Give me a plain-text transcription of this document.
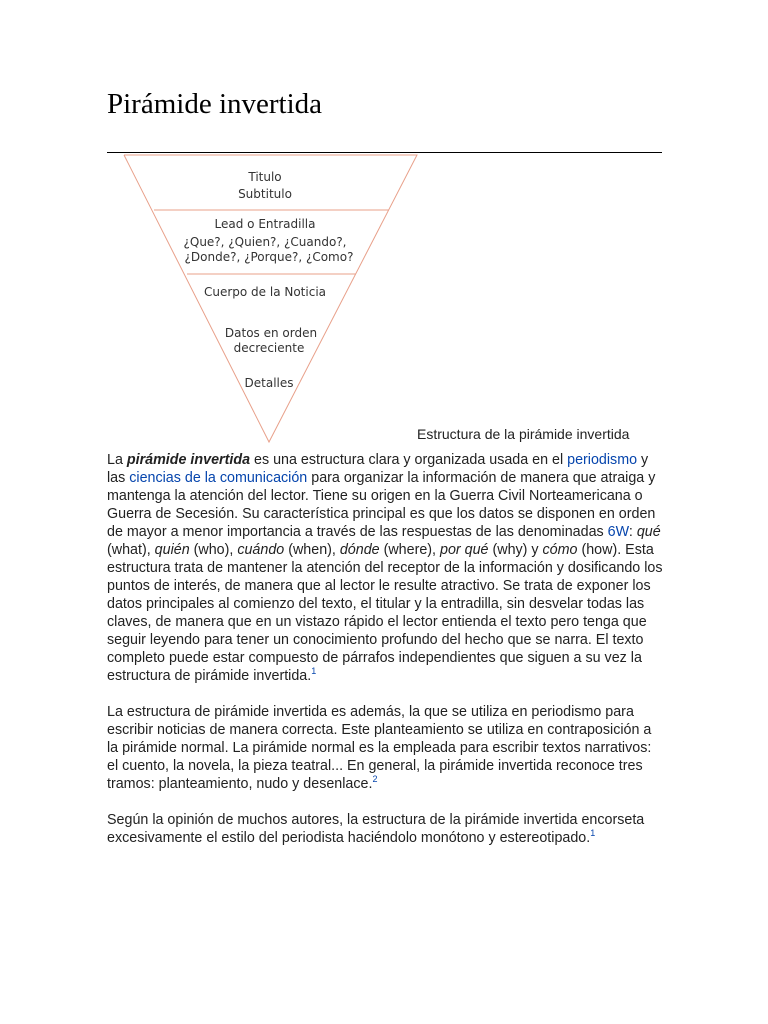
Pirámide invertida
Titulo
Subtitulo
Lead o Entradilla
¿Que?, ¿Quien?, ¿Cuando?,
¿Donde?, ¿Porque?, ¿Como?
Cuerpo de la Noticia
Datos en orden
decreciente
Detalles
Estructura de la pirámide invertida

La pirámide invertida es una estructura clara y organizada usada en el periodismo y las ciencias de la comunicación para organizar la información de manera que atraiga y mantenga la atención del lector. Tiene su origen en la Guerra Civil Norteamericana o Guerra de Secesión. Su característica principal es que los datos se disponen en orden de mayor a menor importancia a través de las respuestas de las denominadas 6W: qué (what), quién (who), cuándo (when), dónde (where), por qué (why) y cómo (how). Esta estructura trata de mantener la atención del receptor de la información y dosificando los puntos de interés, de manera que al lector le resulte atractivo. Se trata de exponer los datos principales al comienzo del texto, el titular y la entradilla, sin desvelar todas las claves, de manera que en un vistazo rápido el lector entienda el texto pero tenga que seguir leyendo para tener un conocimiento profundo del hecho que se narra. El texto completo puede estar compuesto de párrafos independientes que siguen a su vez la estructura de pirámide invertida.$^1$

La estructura de pirámide invertida es además, la que se utiliza en periodismo para escribir noticias de manera correcta. Este planteamiento se utiliza en contraposición a la pirámide normal. La pirámide normal es la empleada para escribir textos narrativos: el cuento, la novela, la pieza teatral... En general, la pirámide invertida reconoce tres tramos: planteamiento, nudo y desenlace.$^2$

Según la opinión de muchos autores, la estructura de la pirámide invertida encorseta excesivamente el estilo del periodista haciéndolo monótono y estereotipado.$^1$
